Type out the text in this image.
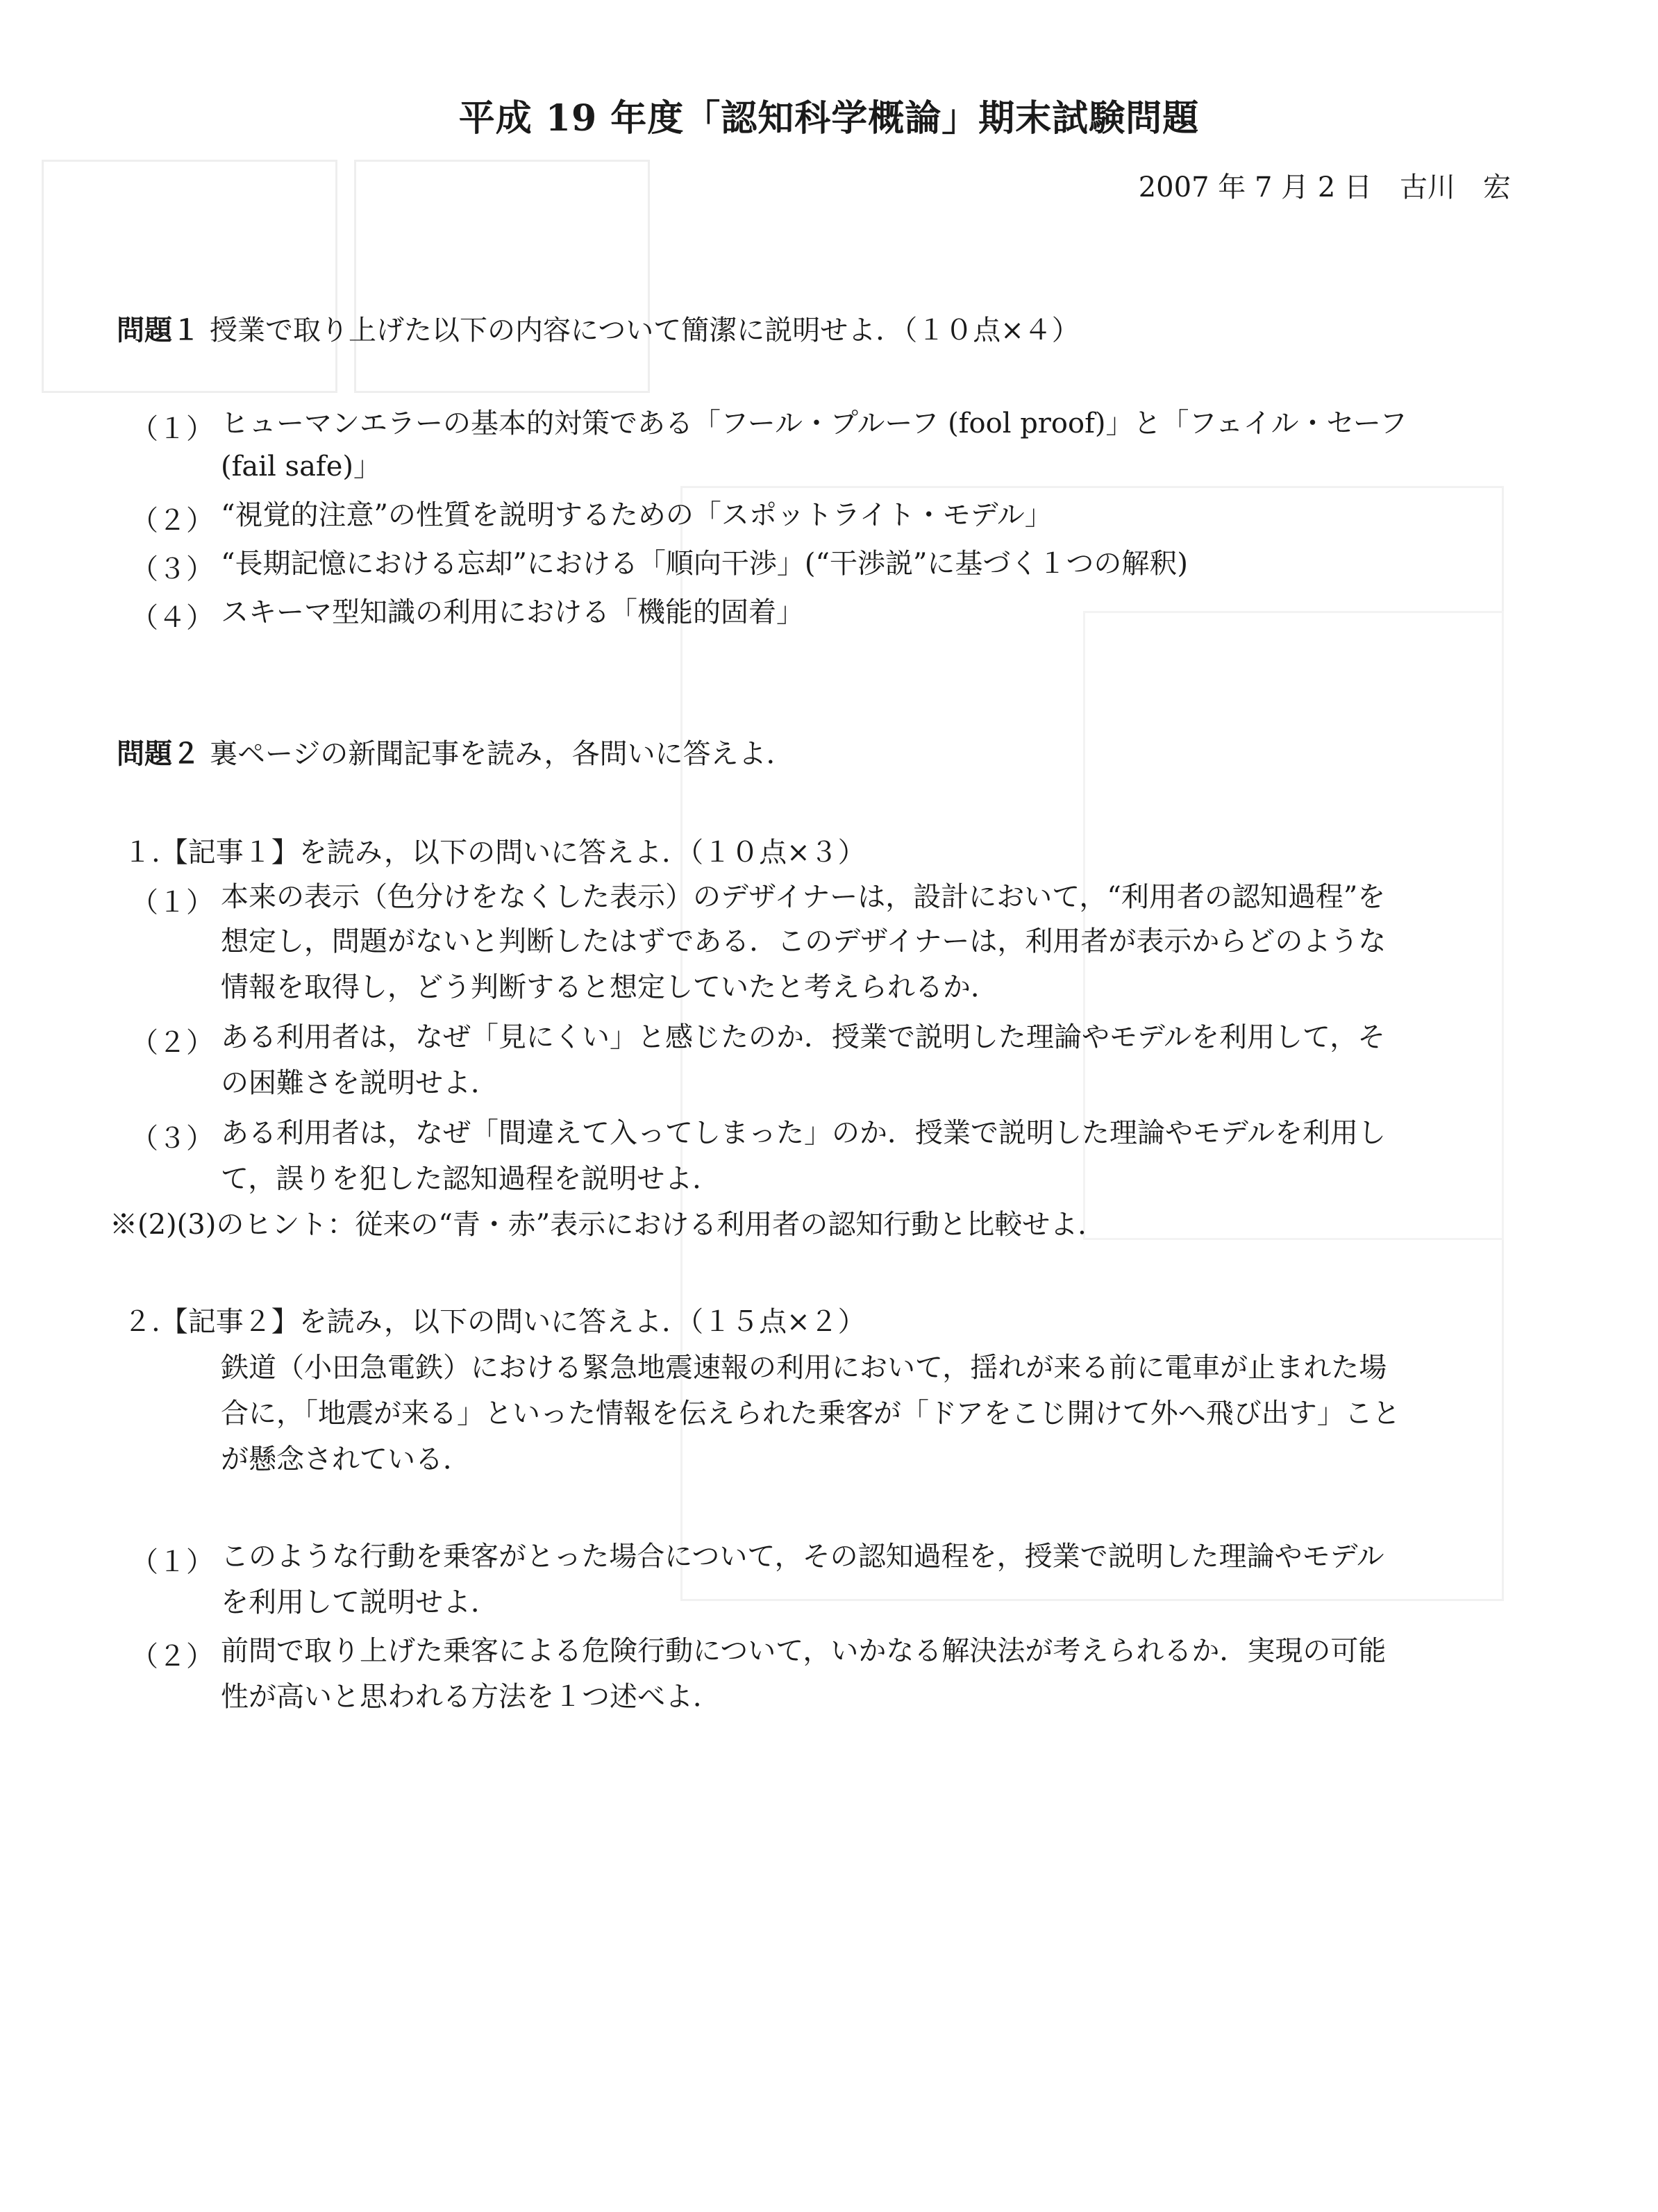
平成 19 年度「認知科学概論」期末試験問題
2007 年 7 月 2 日　古川　宏
問題１ 授業で取り上げた以下の内容について簡潔に説明せよ．（１０点×４）
（１） ヒューマンエラーの基本的対策である「フール・プルーフ (fool proof)」と「フェイル・セーフ
(fail safe)」
（２） “視覚的注意”の性質を説明するための「スポットライト・モデル」
（３） “長期記憶における忘却”における「順向干渉」(“干渉説”に基づく１つの解釈)
（４） スキーマ型知識の利用における「機能的固着」
問題２ 裏ページの新聞記事を読み，各問いに答えよ．
１.【記事１】を読み，以下の問いに答えよ．（１０点×３）
（１） 本来の表示（色分けをなくした表示）のデザイナーは，設計において，“利用者の認知過程”を
想定し，問題がないと判断したはずである．このデザイナーは，利用者が表示からどのような
情報を取得し，どう判断すると想定していたと考えられるか．
（２） ある利用者は，なぜ「見にくい」と感じたのか．授業で説明した理論やモデルを利用して，そ
の困難さを説明せよ．
（３） ある利用者は，なぜ「間違えて入ってしまった」のか．授業で説明した理論やモデルを利用し
て，誤りを犯した認知過程を説明せよ．
※(2)(3)のヒント：従来の“青・赤”表示における利用者の認知行動と比較せよ．
２.【記事２】を読み，以下の問いに答えよ．（１５点×２）
鉄道（小田急電鉄）における緊急地震速報の利用において，揺れが来る前に電車が止まれた場
合に，「地震が来る」といった情報を伝えられた乗客が「ドアをこじ開けて外へ飛び出す」こと
が懸念されている．
（１） このような行動を乗客がとった場合について，その認知過程を，授業で説明した理論やモデル
を利用して説明せよ．
（２） 前問で取り上げた乗客による危険行動について，いかなる解決法が考えられるか．実現の可能
性が高いと思われる方法を１つ述べよ．
